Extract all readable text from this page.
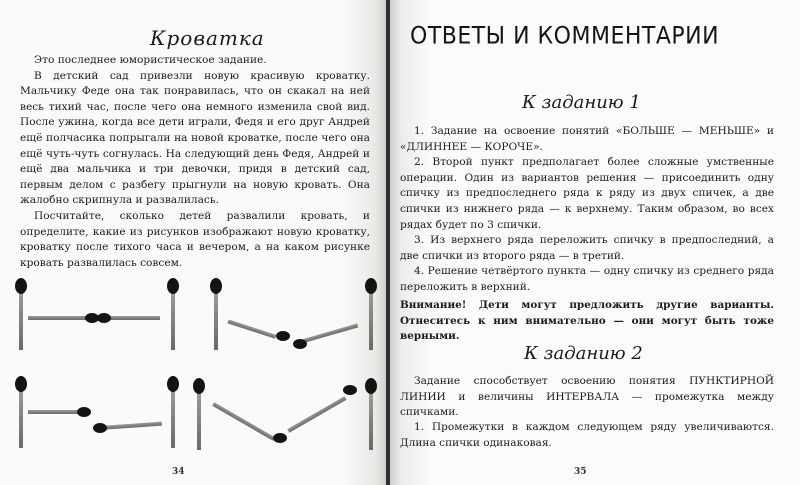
Кроватка

Это последнее юмористическое задание.

В детский сад привезли новую красивую кроватку. Мальчику Феде она так понравилась, что он скакал на ней весь тихий час, после чего она немного изменила свой вид. После ужина, когда все дети играли, Федя и его друг Андрей ещё полчасика попрыгали на новой кроватке, после чего она ещё чуть-чуть согнулась. На следующий день Федя, Андрей и ещё два мальчика и три девочки, придя в детский сад, первым делом с разбегу прыгнули на новую кровать. Она жалобно скрипнула и развалилась.

Посчитайте, сколько детей развалили кровать, и определите, какие из рисунков изображают новую кроватку, кроватку после тихого часа и вечером, а на каком рисунке кровать развалилась совсем.

34
ОТВЕТЫ И КОММЕНТАРИИ
К заданию 1

1. Задание на освоение понятий «БОЛЬШЕ — МЕНЬШЕ» и «ДЛИННЕЕ — КОРОЧЕ».

2. Второй пункт предполагает более сложные умственные операции. Один из вариантов решения — присоединить одну спичку из предпоследнего ряда к ряду из двух спичек, а две спички из нижнего ряда — к верхнему. Таким образом, во всех рядах будет по 3 спички.

3. Из верхнего ряда переложить спичку в предпоследний, а две спички из второго ряда — в третий.

4. Решение четвёртого пункта — одну спичку из среднего ряда переложить в верхний.

Внимание! Дети могут предложить другие варианты. Отнеситесь к ним внимательно — они могут быть тоже верными.
К заданию 2

Задание способствует освоению понятия ПУНКТИРНОЙ ЛИНИИ и величины ИНТЕРВАЛА — промежутка между спичками.

1. Промежутки в каждом следующем ряду увеличиваются. Длина спички одинаковая.

35
